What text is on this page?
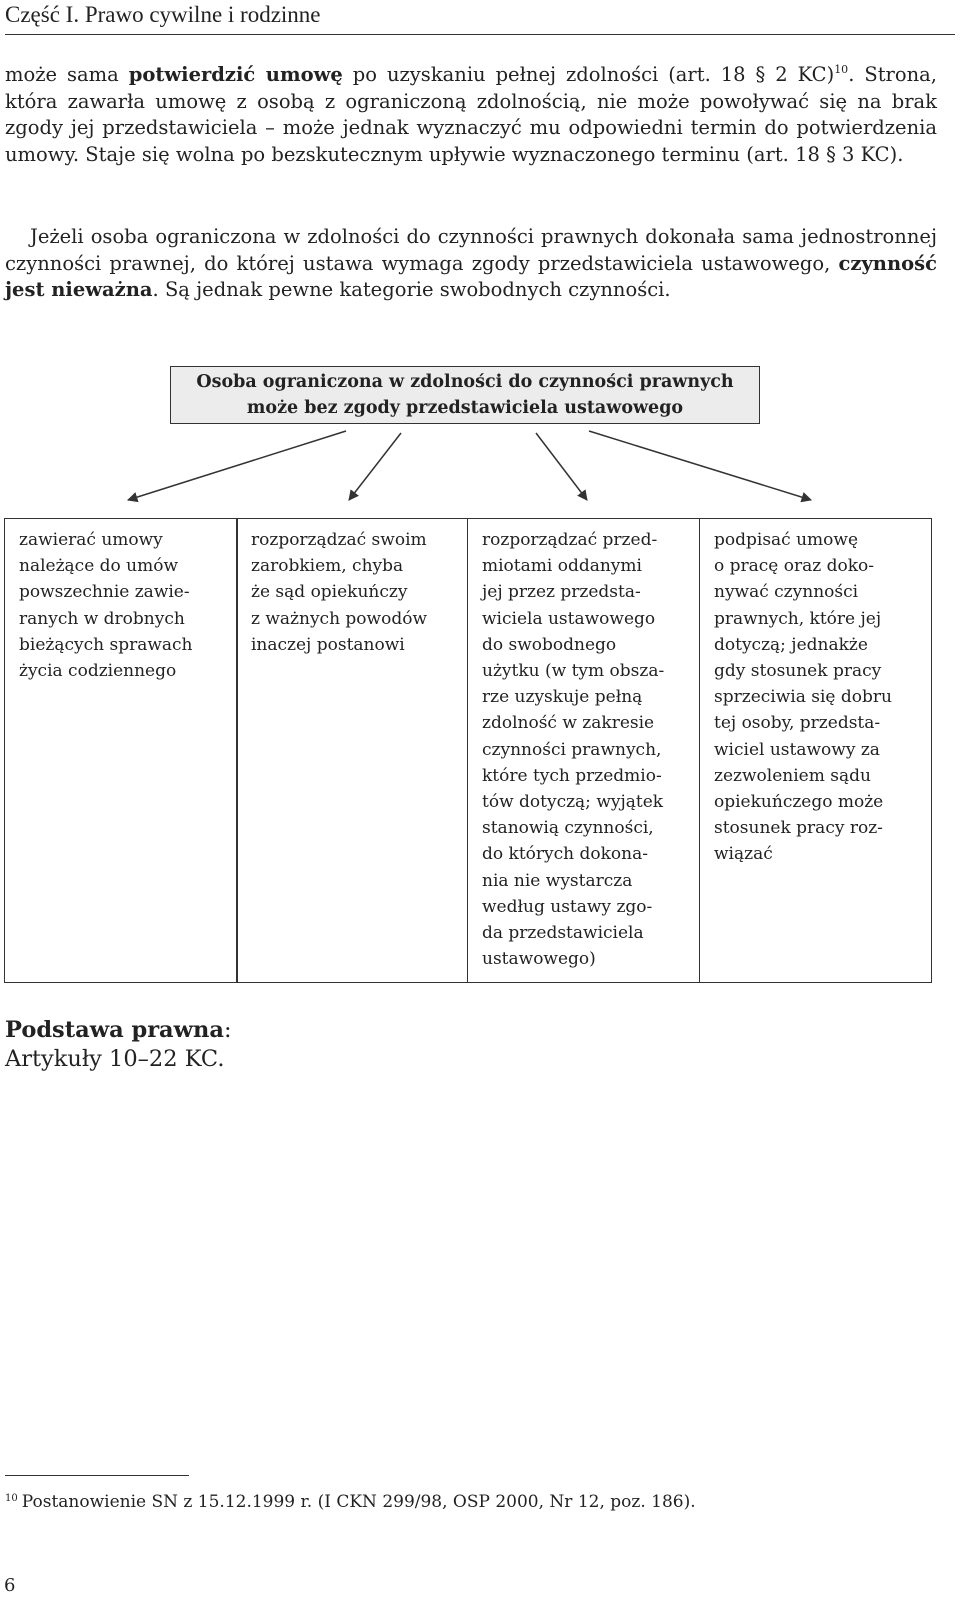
Część I. Prawo cywilne i rodzinne
może sama potwierdzić umowę po uzyskaniu pełnej zdolności (art. 18 § 2 KC)$^{10}$. Strona, która zawarła umowę z osobą z ograniczoną zdolnością, nie może powoływać się na brak zgody jej przedstawiciela – może jednak wyznaczyć mu odpowiedni termin do potwierdzenia umowy. Staje się wolna po bezskutecznym upływie wyznaczonego terminu (art. 18 § 3 KC).
Jeżeli osoba ograniczona w zdolności do czynności prawnych dokonała sama jednostronnej czynności prawnej, do której ustawa wymaga zgody przedstawiciela ustawowego, czynność jest nieważna. Są jednak pewne kategorie swobodnych czynności.
Osoba ograniczona w zdolności do czynności prawnych
może bez zgody przedstawiciela ustawowego
zawierać umowy
należące do umów
powszechnie zawie-
ranych w drobnych
bieżących sprawach
życia codziennego
rozporządzać swoim
zarobkiem, chyba
że sąd opiekuńczy
z ważnych powodów
inaczej postanowi
rozporządzać przed-
miotami oddanymi
jej przez przedsta-
wiciela ustawowego
do swobodnego
użytku (w tym obsza-
rze uzyskuje pełną
zdolność w zakresie
czynności prawnych,
które tych przedmio-
tów dotyczą; wyjątek
stanowią czynności,
do których dokona-
nia nie wystarcza
według ustawy zgo-
da przedstawiciela
ustawowego)
podpisać umowę
o pracę oraz doko-
nywać czynności
prawnych, które jej
dotyczą; jednakże
gdy stosunek pracy
sprzeciwia się dobru
tej osoby, przedsta-
wiciel ustawowy za
zezwoleniem sądu
opiekuńczego może
stosunek pracy roz-
wiązać
Podstawa prawna:
Artykuły 10–22 KC.
$^{10}$ Postanowienie SN z 15.12.1999 r. (I CKN 299/98, OSP 2000, Nr 12, poz. 186).
6
